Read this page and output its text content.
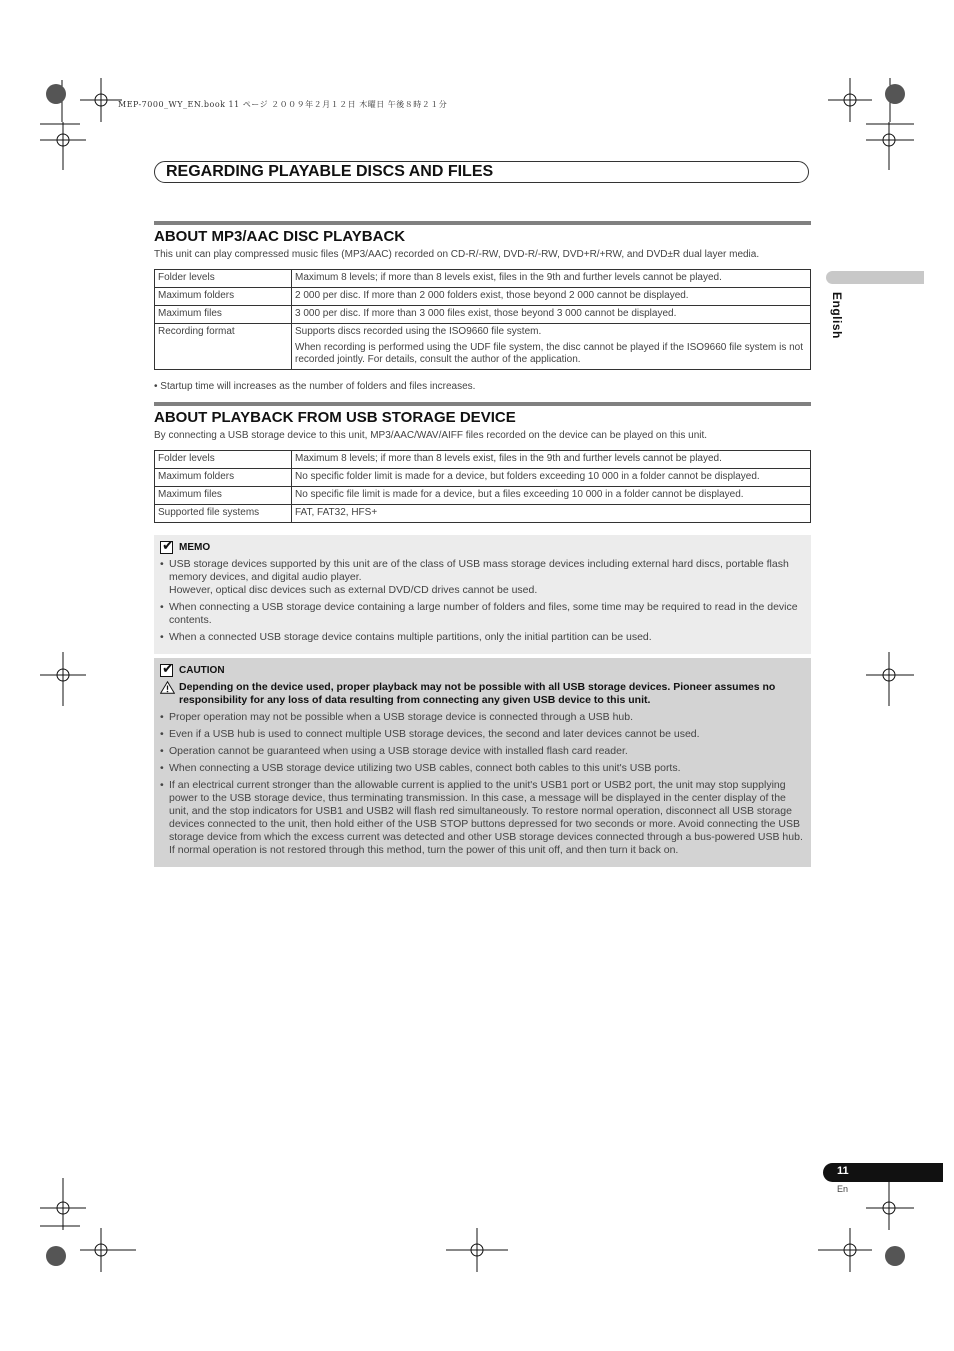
MEP-7000_WY_EN.book 11 ページ ２００９年２月１２日 木曜日 午後８時２１分
REGARDING PLAYABLE DISCS AND FILES
English
ABOUT MP3/AAC DISC PLAYBACK
This unit can play compressed music files (MP3/AAC) recorded on CD-R/-RW, DVD-R/-RW, DVD+R/+RW, and DVD±R dual layer media.
Folder levels	Maximum 8 levels; if more than 8 levels exist, files in the 9th and further levels cannot be played.
Maximum folders	2 000 per disc. If more than 2 000 folders exist, those beyond 2 000 cannot be displayed.
Maximum files	3 000 per disc. If more than 3 000 files exist, those beyond 3 000 cannot be displayed.
Recording format	Supports discs recorded using the ISO9660 file system.

When recording is performed using the UDF file system, the disc cannot be played if the ISO9660 file system is not recorded jointly. For details, consult the author of the application.

• Startup time will increases as the number of folders and files increases.
ABOUT PLAYBACK FROM USB STORAGE DEVICE
By connecting a USB storage device to this unit, MP3/AAC/WAV/AIFF files recorded on the device can be played on this unit.
Folder levels	Maximum 8 levels; if more than 8 levels exist, files in the 9th and further levels cannot be played.
Maximum folders	No specific folder limit is made for a device, but folders exceeding 10 000 in a folder cannot be displayed.
Maximum files	No specific file limit is made for a device, but a files exceeding 10 000 in a folder cannot be displayed.
Supported file systems	FAT, FAT32, HFS+
✔ MEMO
• USB storage devices supported by this unit are of the class of USB mass storage devices including external hard discs, portable flash memory devices, and digital audio player.
However, optical disc devices such as external DVD/CD drives cannot be used.
• When connecting a USB storage device containing a large number of folders and files, some time may be required to read in the device contents.
• When a connected USB storage device contains multiple partitions, only the initial partition can be used.
✔ CAUTION
Depending on the device used, proper playback may not be possible with all USB storage devices. Pioneer assumes no responsibility for any loss of data resulting from connecting any given USB device to this unit.
• Proper operation may not be possible when a USB storage device is connected through a USB hub.
• Even if a USB hub is used to connect multiple USB storage devices, the second and later devices cannot be used.
• Operation cannot be guaranteed when using a USB storage device with installed flash card reader.
• When connecting a USB storage device utilizing two USB cables, connect both cables to this unit's USB ports.
• If an electrical current stronger than the allowable current is applied to the unit's USB1 port or USB2 port, the unit may stop supplying power to the USB storage device, thus terminating transmission. In this case, a message will be displayed in the center display of the unit, and the stop indicators for USB1 and USB2 will flash red simultaneously. To restore normal operation, disconnect all USB storage devices connected to the unit, then hold either of the USB STOP buttons depressed for two seconds or more. Avoid connecting the USB storage device from which the excess current was detected and other USB storage devices connected through a bus-powered USB hub. If normal operation is not restored through this method, turn the power of this unit off, and then turn it back on.
11
En
